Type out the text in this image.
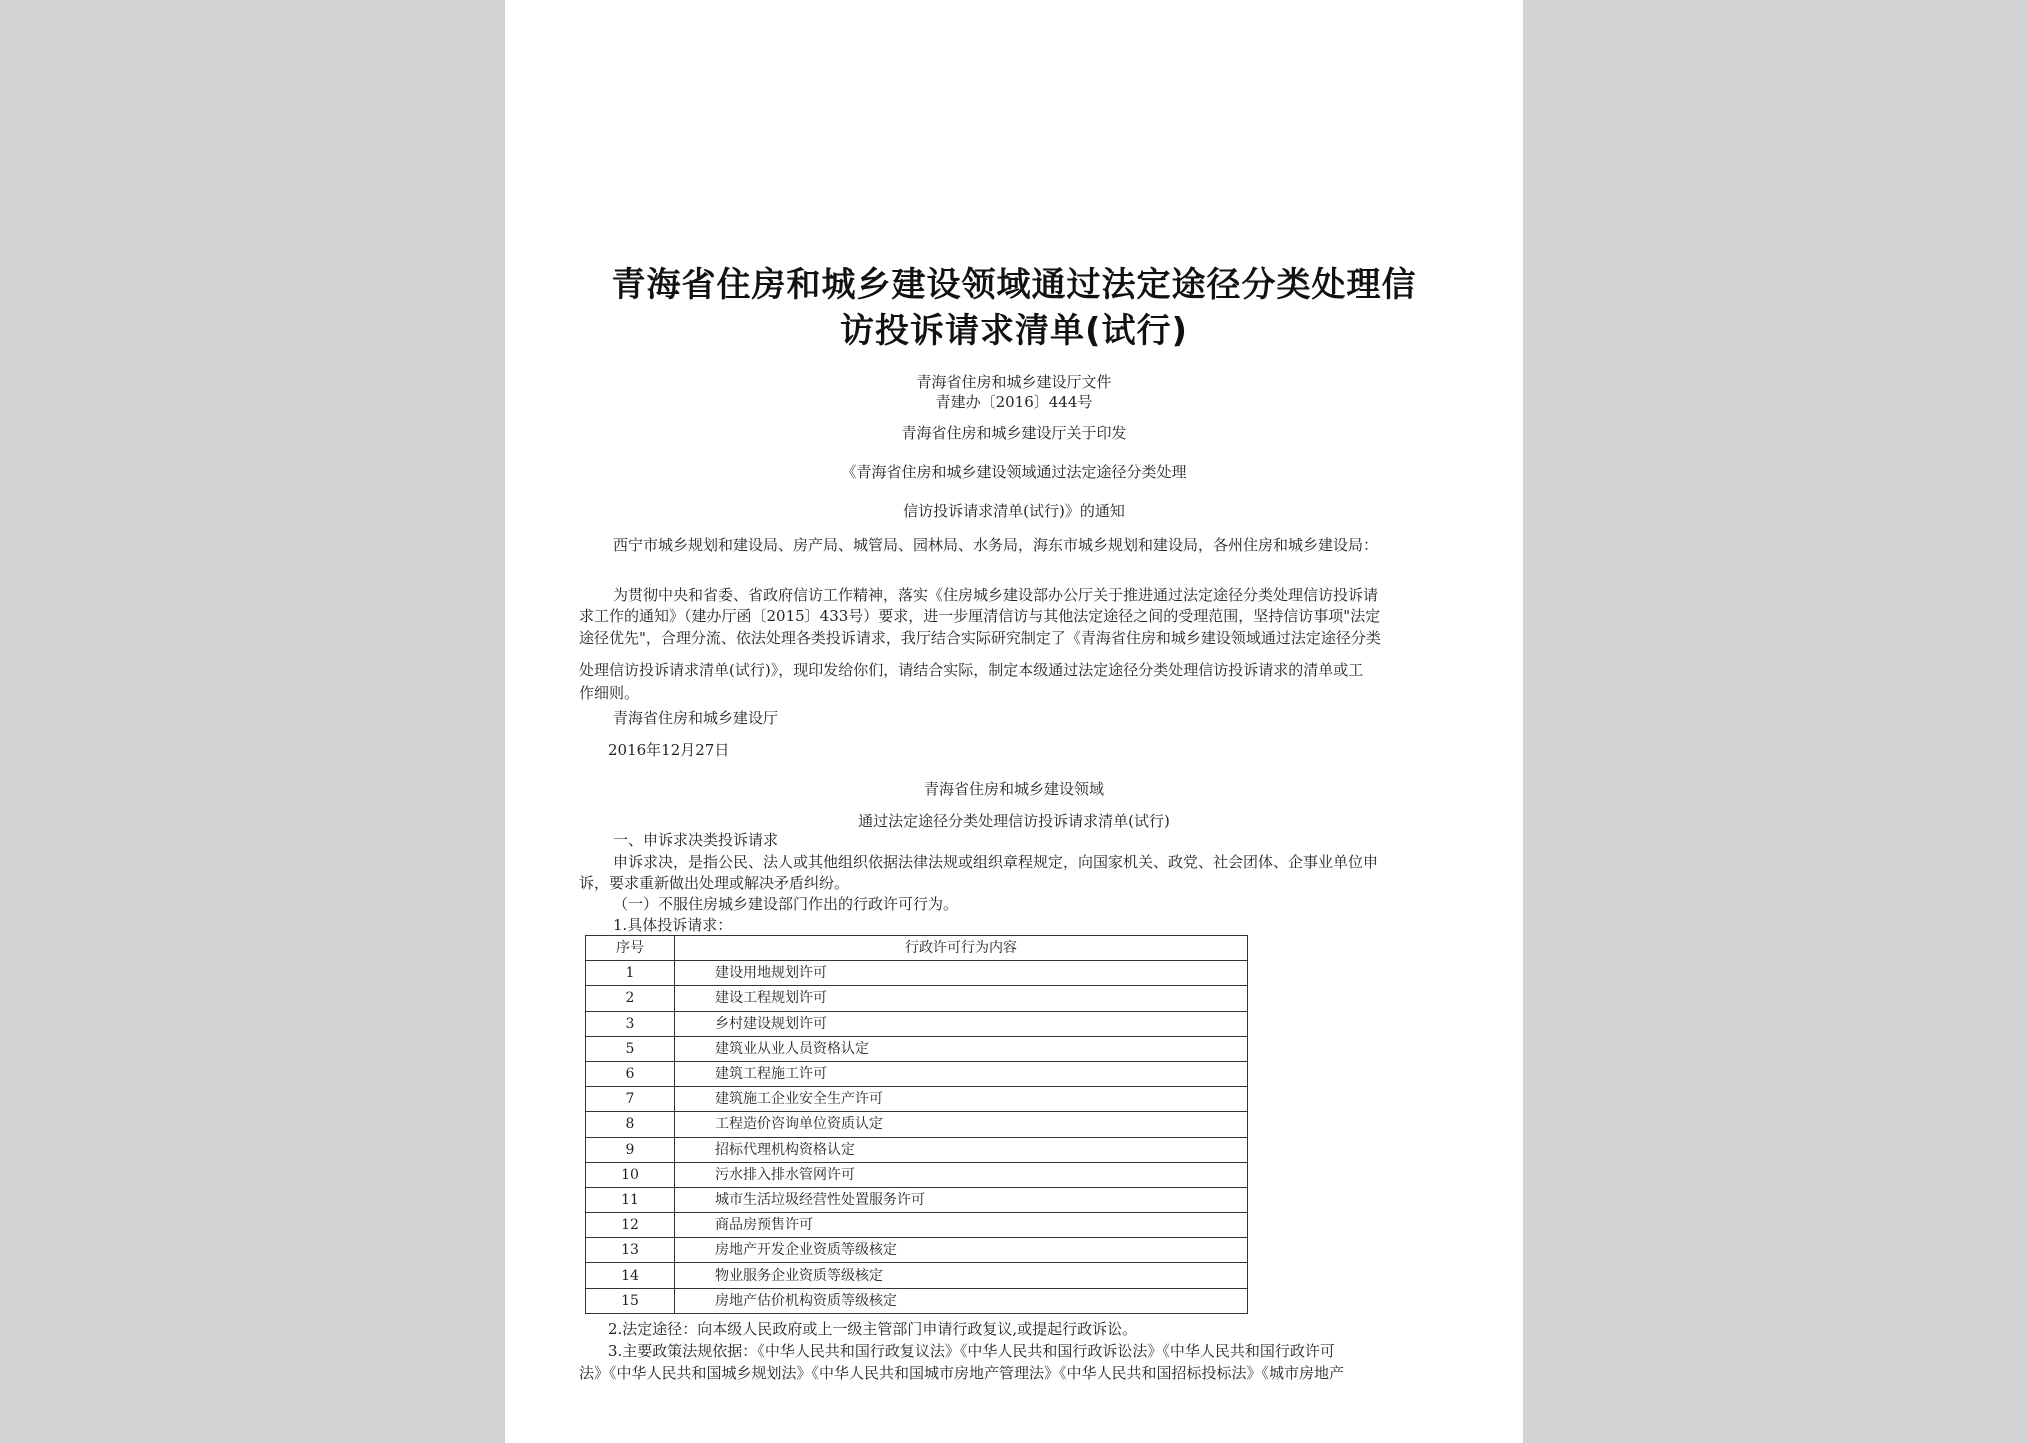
青海省住房和城乡建设领域通过法定途径分类处理信
访投诉请求清单(试行)
青海省住房和城乡建设厅文件
青建办〔2016〕444号
青海省住房和城乡建设厅关于印发
《青海省住房和城乡建设领域通过法定途径分类处理
信访投诉请求清单(试行)》的通知
西宁市城乡规划和建设局、房产局、城管局、园林局、水务局，海东市城乡规划和建设局，各州住房和城乡建设局：
为贯彻中央和省委、省政府信访工作精神，落实《住房城乡建设部办公厅关于推进通过法定途径分类处理信访投诉请
求工作的通知》（建办厅函〔2015〕433号）要求，进一步厘清信访与其他法定途径之间的受理范围，坚持信访事项"法定
途径优先"，合理分流、依法处理各类投诉请求，我厅结合实际研究制定了《青海省住房和城乡建设领域通过法定途径分类
处理信访投诉请求清单(试行)》，现印发给你们，请结合实际，制定本级通过法定途径分类处理信访投诉请求的清单或工
作细则。
青海省住房和城乡建设厅
2016年12月27日
青海省住房和城乡建设领域
通过法定途径分类处理信访投诉请求清单(试行)
一、申诉求决类投诉请求
申诉求决，是指公民、法人或其他组织依据法律法规或组织章程规定，向国家机关、政党、社会团体、企事业单位申
诉，要求重新做出处理或解决矛盾纠纷。
（一）不服住房城乡建设部门作出的行政许可行为。
1.具体投诉请求：
序号	行政许可行为内容
1	建设用地规划许可
2	建设工程规划许可
3	乡村建设规划许可
5	建筑业从业人员资格认定
6	建筑工程施工许可
7	建筑施工企业安全生产许可
8	工程造价咨询单位资质认定
9	招标代理机构资格认定
10	污水排入排水管网许可
11	城市生活垃圾经营性处置服务许可
12	商品房预售许可
13	房地产开发企业资质等级核定
14	物业服务企业资质等级核定
15	房地产估价机构资质等级核定
2.法定途径：向本级人民政府或上一级主管部门申请行政复议,或提起行政诉讼。
3.主要政策法规依据：《中华人民共和国行政复议法》《中华人民共和国行政诉讼法》《中华人民共和国行政许可
法》《中华人民共和国城乡规划法》《中华人民共和国城市房地产管理法》《中华人民共和国招标投标法》《城市房地产
